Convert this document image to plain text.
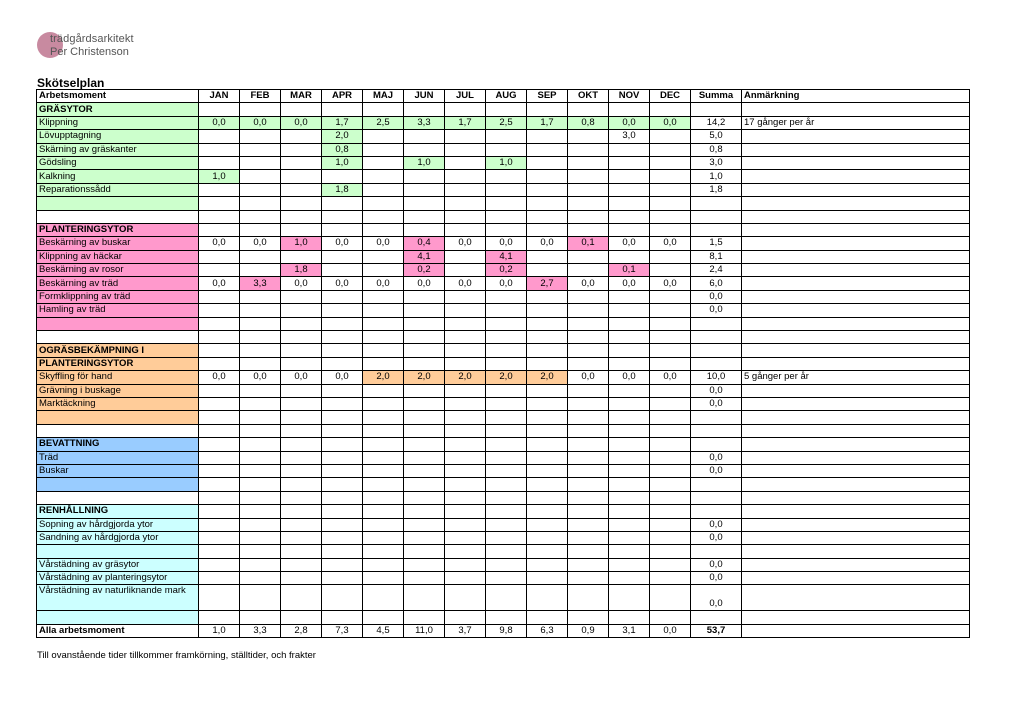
trädgårdsarkitekt
Per Christenson
Skötselplan
Arbetsmoment	JAN	FEB	MAR	APR	MAJ	JUN	JUL	AUG	SEP	OKT	NOV	DEC	Summa	Anmärkning
GRÄSYTOR														
Klippning	0,0	0,0	0,0	1,7	2,5	3,3	1,7	2,5	1,7	0,8	0,0	0,0	14,2	17 gånger per år
Lövupptagning				2,0							3,0		5,0	
Skärning av gräskanter				0,8									0,8	
Gödsling				1,0		1,0		1,0					3,0	
Kalkning	1,0												1,0	
Reparationssådd				1,8									1,8	

PLANTERINGSYTOR														
Beskärning av buskar	0,0	0,0	1,0	0,0	0,0	0,4	0,0	0,0	0,0	0,1	0,0	0,0	1,5	
Klippning av häckar						4,1		4,1					8,1	
Beskärning av rosor			1,8			0,2		0,2			0,1		2,4	
Beskärning av träd	0,0	3,3	0,0	0,0	0,0	0,0	0,0	0,0	2,7	0,0	0,0	0,0	6,0	
Formklippning av träd													0,0	
Hamling av träd													0,0	

OGRÄSBEKÄMPNING I														
PLANTERINGSYTOR														
Skyffling för hand	0,0	0,0	0,0	0,0	2,0	2,0	2,0	2,0	2,0	0,0	0,0	0,0	10,0	5 gånger per år
Grävning i buskage													0,0	
Marktäckning													0,0	

BEVATTNING														
Träd													0,0	
Buskar													0,0	

RENHÅLLNING														
Sopning av hårdgjorda ytor													0,0	
Sandning av hårdgjorda ytor													0,0	

Vårstädning av gräsytor													0,0	
Vårstädning av planteringsytor													0,0	
Vårstädning av naturliknande mark													0,0	

Alla arbetsmoment	1,0	3,3	2,8	7,3	4,5	11,0	3,7	9,8	6,3	0,9	3,1	0,0	53,7	
Till ovanstående tider tillkommer framkörning, ställtider, och frakter
